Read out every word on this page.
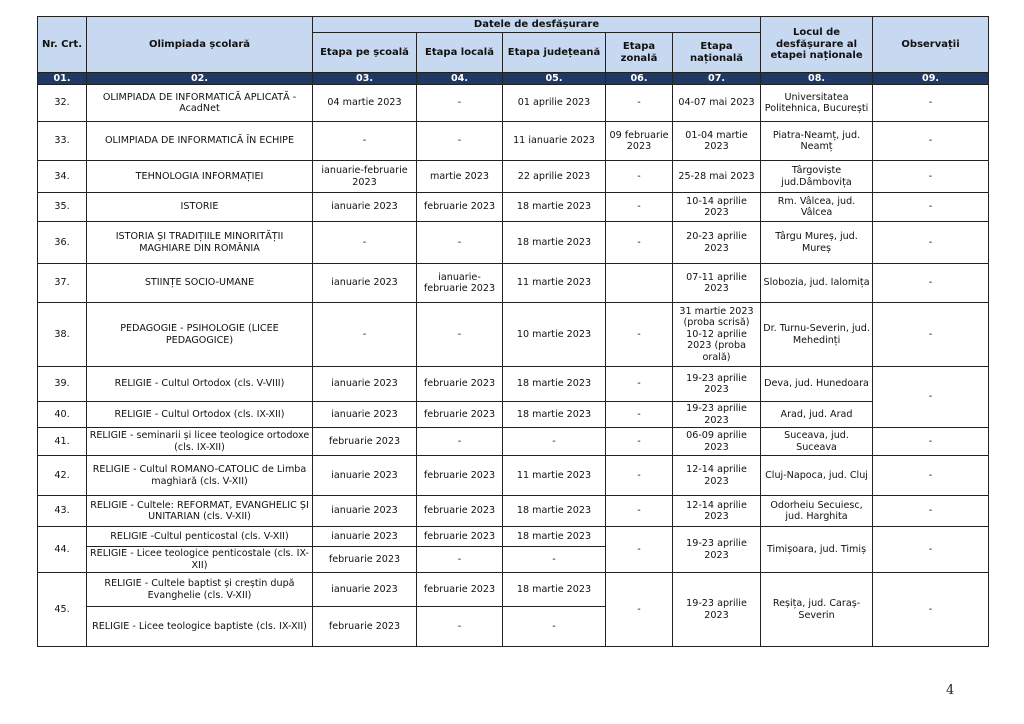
Nr. Crt.	Olimpiada școlară	Datele de desfășurare					Locul de desfășurare al etapei naționale	Observații
		Etapa pe școală	Etapa locală	Etapa județeană	Etapa zonală	Etapa națională		
01.	02.	03.	04.	05.	06.	07.	08.	09.
32.	OLIMPIADA DE INFORMATICĂ APLICATĂ - AcadNet	04 martie 2023	-	01 aprilie 2023	-	04-07 mai 2023	Universitatea Politehnica, București	-
33.	OLIMPIADA DE INFORMATICĂ ÎN ECHIPE	-	-	11 ianuarie 2023	09 februarie 2023	01-04 martie 2023	Piatra-Neamț, jud. Neamț	-
34.	TEHNOLOGIA INFORMAȚIEI	ianuarie-februarie 2023	martie 2023	22 aprilie 2023	-	25-28 mai 2023	Târgoviște jud.Dâmbovița	-
35.	ISTORIE	ianuarie 2023	februarie 2023	18 martie 2023	-	10-14 aprilie 2023	Rm. Vâlcea, jud. Vâlcea	-
36.	ISTORIA ȘI TRADIȚIILE MINORITĂȚII MAGHIARE DIN ROMÂNIA	-	-	18 martie 2023	-	20-23 aprilie 2023	Târgu Mureș, jud. Mureș	-
37.	STIINȚE SOCIO-UMANE	ianuarie 2023	ianuarie-februarie 2023	11 martie 2023		07-11 aprilie 2023	Slobozia, jud. Ialomița	-
38.	PEDAGOGIE - PSIHOLOGIE (LICEE PEDAGOGICE)	-	-	10 martie 2023	-	31 martie 2023 (proba scrisă) 10-12 aprilie 2023 (proba orală)	Dr. Turnu-Severin, jud. Mehedinți	-
39.	RELIGIE - Cultul Ortodox (cls. V-VIII)	ianuarie 2023	februarie 2023	18 martie 2023	-	19-23 aprilie 2023	Deva, jud. Hunedoara	-
40.	RELIGIE - Cultul Ortodox (cls. IX-XII)	ianuarie 2023	februarie 2023	18 martie 2023	-	19-23 aprilie 2023	Arad, jud. Arad	
41.	RELIGIE - seminarii și licee teologice ortodoxe (cls. IX-XII)	februarie 2023	-	-	-	06-09 aprilie 2023	Suceava, jud. Suceava	-
42.	RELIGIE - Cultul ROMANO-CATOLIC de Limba maghiară (cls. V-XII)	ianuarie 2023	februarie 2023	11 martie 2023	-	12-14 aprilie 2023	Cluj-Napoca, jud. Cluj	-
43.	RELIGIE - Cultele: REFORMAT, EVANGHELIC ȘI UNITARIAN (cls. V-XII)	ianuarie 2023	februarie 2023	18 martie 2023	-	12-14 aprilie 2023	Odorheiu Secuiesc, jud. Harghita	-
44.	RELIGIE -Cultul penticostal (cls. V-XII)	ianuarie 2023	februarie 2023	18 martie 2023	-	19-23 aprilie 2023	Timișoara, jud. Timiș	-
	RELIGIE - Licee teologice penticostale (cls. IX-XII)	februarie 2023	-	-				
45.	RELIGIE - Cultele baptist și creștin după Evanghelie (cls. V-XII)	ianuarie 2023	februarie 2023	18 martie 2023	-	19-23 aprilie 2023	Reșița, jud. Caraș-Severin	-
	RELIGIE - Licee teologice baptiste (cls. IX-XII)	februarie 2023	-	-				
4
